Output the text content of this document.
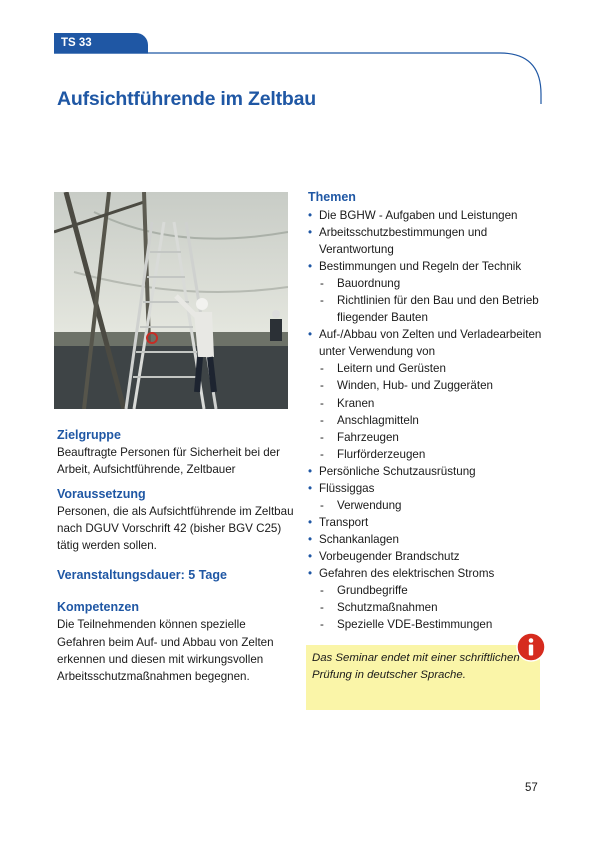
TS 33
Aufsichtführende im Zeltbau
Zielgruppe

Beauftragte Personen für Sicherheit bei der Arbeit, Aufsichtführende, Zeltbauer

Voraussetzung

Personen, die als Aufsichtführende im Zeltbau nach DGUV Vorschrift 42 (bisher BGV C25) tätig werden sollen.

Veranstaltungsdauer: 5 Tage
Kompetenzen

Die Teilnehmenden können spezielle Gefahren beim Auf- und Abbau von Zelten erkennen und diesen mit wirkungsvollen Arbeitsschutzmaßnahmen begegnen.

Themen
• Die BGHW - Aufgaben und Leistungen
• Arbeitsschutzbestimmungen und Verantwortung
• Bestimmungen und Regeln der Technik
- Bauordnung
- Richtlinien für den Bau und den Betrieb fliegender Bauten
• Auf-/Abbau von Zelten und Verladearbeiten unter Verwendung von
- Leitern und Gerüsten
- Winden, Hub- und Zuggeräten
- Kranen
- Anschlagmitteln
- Fahrzeugen
- Flurförderzeugen
• Persönliche Schutzausrüstung
• Flüssiggas
- Verwendung
• Transport
• Schankanlagen
• Vorbeugender Brandschutz
• Gefahren des elektrischen Stroms
- Grundbegriffe
- Schutzmaßnahmen
- Spezielle VDE-Bestimmungen
Das Seminar endet mit einer schriftlichen Prüfung in deutscher Sprache.
57
